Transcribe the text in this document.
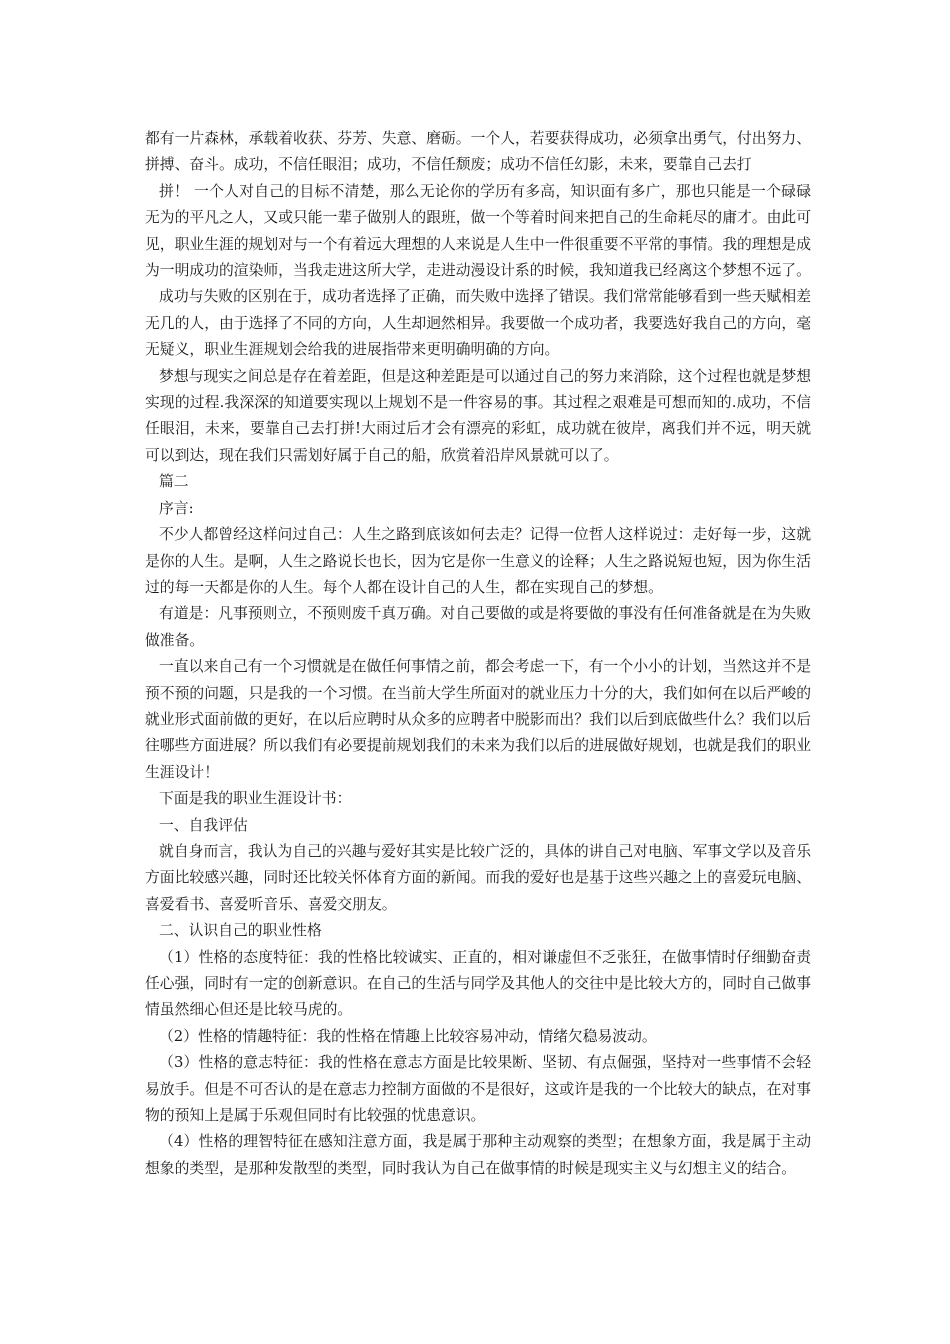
都有一片森林，承载着收获、芬芳、失意、磨砺。一个人，若要获得成功，必须拿出勇气，付出努力、拼搏、奋斗。成功，不信任眼泪；成功，不信任颓废；成功不信任幻影，未来，要靠自己去打

拼！ 一个人对自己的目标不清楚，那么无论你的学历有多高，知识面有多广，那也只能是一个碌碌无为的平凡之人，又或只能一辈子做别人的跟班，做一个等着时间来把自己的生命耗尽的庸才。由此可见，职业生涯的规划对与一个有着远大理想的人来说是人生中一件很重要不平常的事情。我的理想是成为一明成功的渲染师，当我走进这所大学，走进动漫设计系的时候，我知道我已经离这个梦想不远了。

成功与失败的区别在于，成功者选择了正确，而失败中选择了错误。我们常常能够看到一些天赋相差无几的人，由于选择了不同的方向，人生却迥然相异。我要做一个成功者，我要选好我自己的方向，毫无疑义，职业生涯规划会给我的进展指带来更明确明确的方向。

梦想与现实之间总是存在着差距，但是这种差距是可以通过自己的努力来消除，这个过程也就是梦想实现的过程.我深深的知道要实现以上规划不是一件容易的事。其过程之艰难是可想而知的.成功，不信任眼泪，未来，要靠自己去打拼!大雨过后才会有漂亮的彩虹，成功就在彼岸，离我们并不远，明天就可以到达，现在我们只需划好属于自己的船，欣赏着沿岸风景就可以了。

篇二

序言:

不少人都曾经这样问过自己：人生之路到底该如何去走？记得一位哲人这样说过：走好每一步，这就是你的人生。是啊，人生之路说长也长，因为它是你一生意义的诠释；人生之路说短也短，因为你生活过的每一天都是你的人生。每个人都在设计自己的人生，都在实现自己的梦想。

有道是：凡事预则立，不预则废千真万确。对自己要做的或是将要做的事没有任何准备就是在为失败做准备。

一直以来自己有一个习惯就是在做任何事情之前，都会考虑一下，有一个小小的计划，当然这并不是预不预的问题，只是我的一个习惯。在当前大学生所面对的就业压力十分的大，我们如何在以后严峻的就业形式面前做的更好，在以后应聘时从众多的应聘者中脱影而出？我们以后到底做些什么？我们以后往哪些方面进展？所以我们有必要提前规划我们的未来为我们以后的进展做好规划，也就是我们的职业生涯设计！

下面是我的职业生涯设计书：

一、自我评估

就自身而言，我认为自己的兴趣与爱好其实是比较广泛的，具体的讲自己对电脑、军事文学以及音乐方面比较感兴趣，同时还比较关怀体育方面的新闻。而我的爱好也是基于这些兴趣之上的喜爱玩电脑、喜爱看书、喜爱听音乐、喜爱交朋友。

二、认识自己的职业性格

（1）性格的态度特征：我的性格比较诚实、正直的，相对谦虚但不乏张狂，在做事情时仔细勤奋责任心强，同时有一定的创新意识。在自己的生活与同学及其他人的交往中是比较大方的，同时自己做事情虽然细心但还是比较马虎的。

（2）性格的情趣特征：我的性格在情趣上比较容易冲动，情绪欠稳易波动。

（3）性格的意志特征：我的性格在意志方面是比较果断、坚韧、有点倔强，坚持对一些事情不会轻易放手。但是不可否认的是在意志力控制方面做的不是很好，这或许是我的一个比较大的缺点，在对事物的预知上是属于乐观但同时有比较强的忧患意识。

（4）性格的理智特征在感知注意方面，我是属于那种主动观察的类型；在想象方面，我是属于主动想象的类型，是那种发散型的类型，同时我认为自己在做事情的时候是现实主义与幻想主义的结合。
